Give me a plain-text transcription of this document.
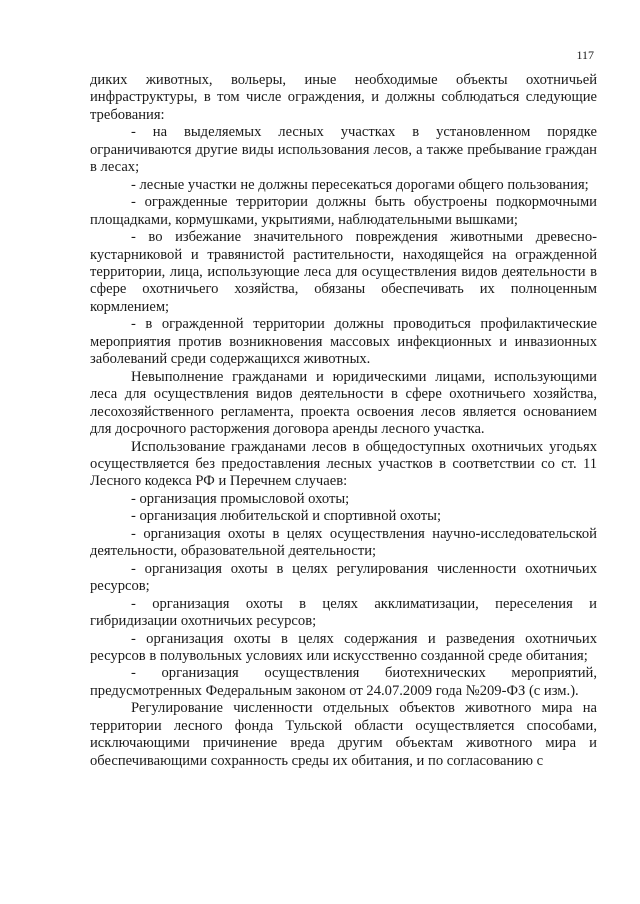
117

диких животных, вольеры, иные необходимые объекты охотничьей инфраструктуры, в том числе ограждения, и должны соблюдаться следующие требования:

- на выделяемых лесных участках в установленном порядке ограничиваются другие виды использования лесов, а также пребывание граждан в лесах;

- лесные участки не должны пересекаться дорогами общего пользования;

- огражденные территории должны быть обустроены подкормочными площадками, кормушками, укрытиями, наблюдательными вышками;

- во избежание значительного повреждения животными древесно-кустарниковой и травянистой растительности, находящейся на огражденной территории, лица, использующие леса для осуществления видов деятельности в сфере охотничьего хозяйства, обязаны обеспечивать их полноценным кормлением;

- в огражденной территории должны проводиться профилактические мероприятия против возникновения массовых инфекционных и инвазионных заболеваний среди содержащихся животных.

Невыполнение гражданами и юридическими лицами, использующими леса для осуществления видов деятельности в сфере охотничьего хозяйства, лесохозяйственного регламента, проекта освоения лесов является основанием для досрочного расторжения договора аренды лесного участка.

Использование гражданами лесов в общедоступных охотничьих угодьях осуществляется без предоставления лесных участков в соответствии со ст. 11 Лесного кодекса РФ и Перечнем случаев:

- организация промысловой охоты;

- организация любительской и спортивной охоты;

- организация охоты в целях осуществления научно-исследовательской деятельности, образовательной деятельности;

- организация охоты в целях регулирования численности охотничьих ресурсов;

- организация охоты в целях акклиматизации, переселения и гибридизации охотничьих ресурсов;

- организация охоты в целях содержания и разведения охотничьих ресурсов в полувольных условиях или искусственно созданной среде обитания;

- организация осуществления биотехнических мероприятий, предусмотренных Федеральным законом от 24.07.2009 года №209-ФЗ (с изм.).

Регулирование численности отдельных объектов животного мира на территории лесного фонда Тульской области осуществляется способами, исключающими причинение вреда другим объектам животного мира и обеспечивающими сохранность среды их обитания, и по согласованию с
